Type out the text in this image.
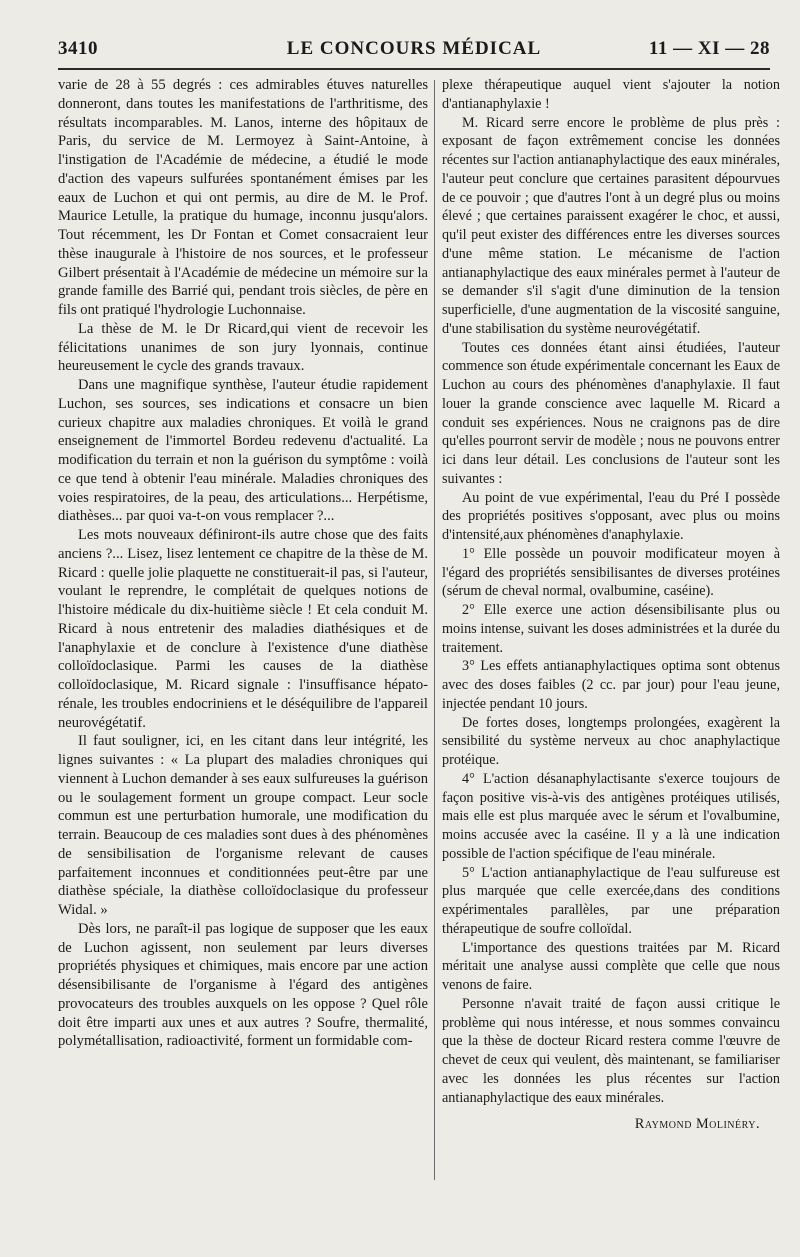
3410	LE CONCOURS MÉDICAL	11 — XI — 28

varie de 28 à 55 degrés : ces admirables étuves naturelles donneront, dans toutes les manifestations de l'arthritisme, des résultats incomparables. M. Lanos, interne des hôpitaux de Paris, du service de M. Lermoyez à Saint-Antoine, à l'instigation de l'Académie de médecine, a étudié le mode d'action des vapeurs sulfurées spontanément émises par les eaux de Luchon et qui ont permis, au dire de M. le Prof. Maurice Letulle, la pratique du humage, inconnu jusqu'alors. Tout récemment, les Dr Fontan et Comet consacraient leur thèse inaugurale à l'histoire de nos sources, et le professeur Gilbert présentait à l'Académie de médecine un mémoire sur la grande famille des Barrié qui, pendant trois siècles, de père en fils ont pratiqué l'hydrologie Luchonnaise.

La thèse de M. le Dr Ricard,qui vient de recevoir les félicitations unanimes de son jury lyonnais, continue heureusement le cycle des grands travaux.

Dans une magnifique synthèse, l'auteur étudie rapidement Luchon, ses sources, ses indications et consacre un bien curieux chapitre aux maladies chroniques. Et voilà le grand enseignement de l'immortel Bordeu redevenu d'actualité. La modification du terrain et non la guérison du symptôme : voilà ce que tend à obtenir l'eau minérale. Maladies chroniques des voies respiratoires, de la peau, des articulations... Herpétisme, diathèses... par quoi va-t-on vous remplacer ?...

Les mots nouveaux définiront-ils autre chose que des faits anciens ?... Lisez, lisez lentement ce chapitre de la thèse de M. Ricard : quelle jolie plaquette ne constituerait-il pas, si l'auteur, voulant le reprendre, le complétait de quelques notions de l'histoire médicale du dix-huitième siècle ! Et cela conduit M. Ricard à nous entretenir des maladies diathésiques et de l'anaphylaxie et de conclure à l'existence d'une diathèse colloïdoclasique. Parmi les causes de la diathèse colloïdoclasique, M. Ricard signale : l'insuffisance hépato-rénale, les troubles endocriniens et le déséquilibre de l'appareil neurovégétatif.

Il faut souligner, ici, en les citant dans leur intégrité, les lignes suivantes : « La plupart des maladies chroniques qui viennent à Luchon demander à ses eaux sulfureuses la guérison ou le soulagement forment un groupe compact. Leur socle commun est une perturbation humorale, une modification du terrain. Beaucoup de ces maladies sont dues à des phénomènes de sensibilisation de l'organisme relevant de causes parfaitement inconnues et conditionnées peut-être par une diathèse spéciale, la diathèse colloïdoclasique du professeur Widal. »

Dès lors, ne paraît-il pas logique de supposer que les eaux de Luchon agissent, non seulement par leurs diverses propriétés physiques et chimiques, mais encore par une action désensibilisante de l'organisme à l'égard des antigènes provocateurs des troubles auxquels on les oppose ? Quel rôle doit être imparti aux unes et aux autres ? Soufre, thermalité, polymétallisation, radioactivité, forment un formidable com-

plexe thérapeutique auquel vient s'ajouter la notion d'antianaphylaxie !

M. Ricard serre encore le problème de plus près : exposant de façon extrêmement concise les données récentes sur l'action antianaphylactique des eaux minérales, l'auteur peut conclure que certaines parasitent dépourvues de ce pouvoir ; que d'autres l'ont à un degré plus ou moins élevé ; que certaines paraissent exagérer le choc, et aussi, qu'il peut exister des différences entre les diverses sources d'une même station. Le mécanisme de l'action antianaphylactique des eaux minérales permet à l'auteur de se demander s'il s'agit d'une diminution de la tension superficielle, d'une augmentation de la viscosité sanguine, d'une stabilisation du système neurovégétatif.

Toutes ces données étant ainsi étudiées, l'auteur commence son étude expérimentale concernant les Eaux de Luchon au cours des phénomènes d'anaphylaxie. Il faut louer la grande conscience avec laquelle M. Ricard a conduit ses expériences. Nous ne craignons pas de dire qu'elles pourront servir de modèle ; nous ne pouvons entrer ici dans leur détail. Les conclusions de l'auteur sont les suivantes :

Au point de vue expérimental, l'eau du Pré I possède des propriétés positives s'opposant, avec plus ou moins d'intensité,aux phénomènes d'anaphylaxie.

1° Elle possède un pouvoir modificateur moyen à l'égard des propriétés sensibilisantes de diverses protéines (sérum de cheval normal, ovalbumine, caséine).

2° Elle exerce une action désensibilisante plus ou moins intense, suivant les doses administrées et la durée du traitement.

3° Les effets antianaphylactiques optima sont obtenus avec des doses faibles (2 cc. par jour) pour l'eau jeune, injectée pendant 10 jours.

De fortes doses, longtemps prolongées, exagèrent la sensibilité du système nerveux au choc anaphylactique protéique.

4° L'action désanaphylactisante s'exerce toujours de façon positive vis-à-vis des antigènes protéiques utilisés, mais elle est plus marquée avec le sérum et l'ovalbumine, moins accusée avec la caséine. Il y a là une indication possible de l'action spécifique de l'eau minérale.

5° L'action antianaphylactique de l'eau sulfureuse est plus marquée que celle exercée,dans des conditions expérimentales parallèles, par une préparation thérapeutique de soufre colloïdal.

L'importance des questions traitées par M. Ricard méritait une analyse aussi complète que celle que nous venons de faire.

Personne n'avait traité de façon aussi critique le problème qui nous intéresse, et nous sommes convaincu que la thèse de docteur Ricard restera comme l'œuvre de chevet de ceux qui veulent, dès maintenant, se familiariser avec les données les plus récentes sur l'action antianaphylactique des eaux minérales.

Raymond Molinéry.
